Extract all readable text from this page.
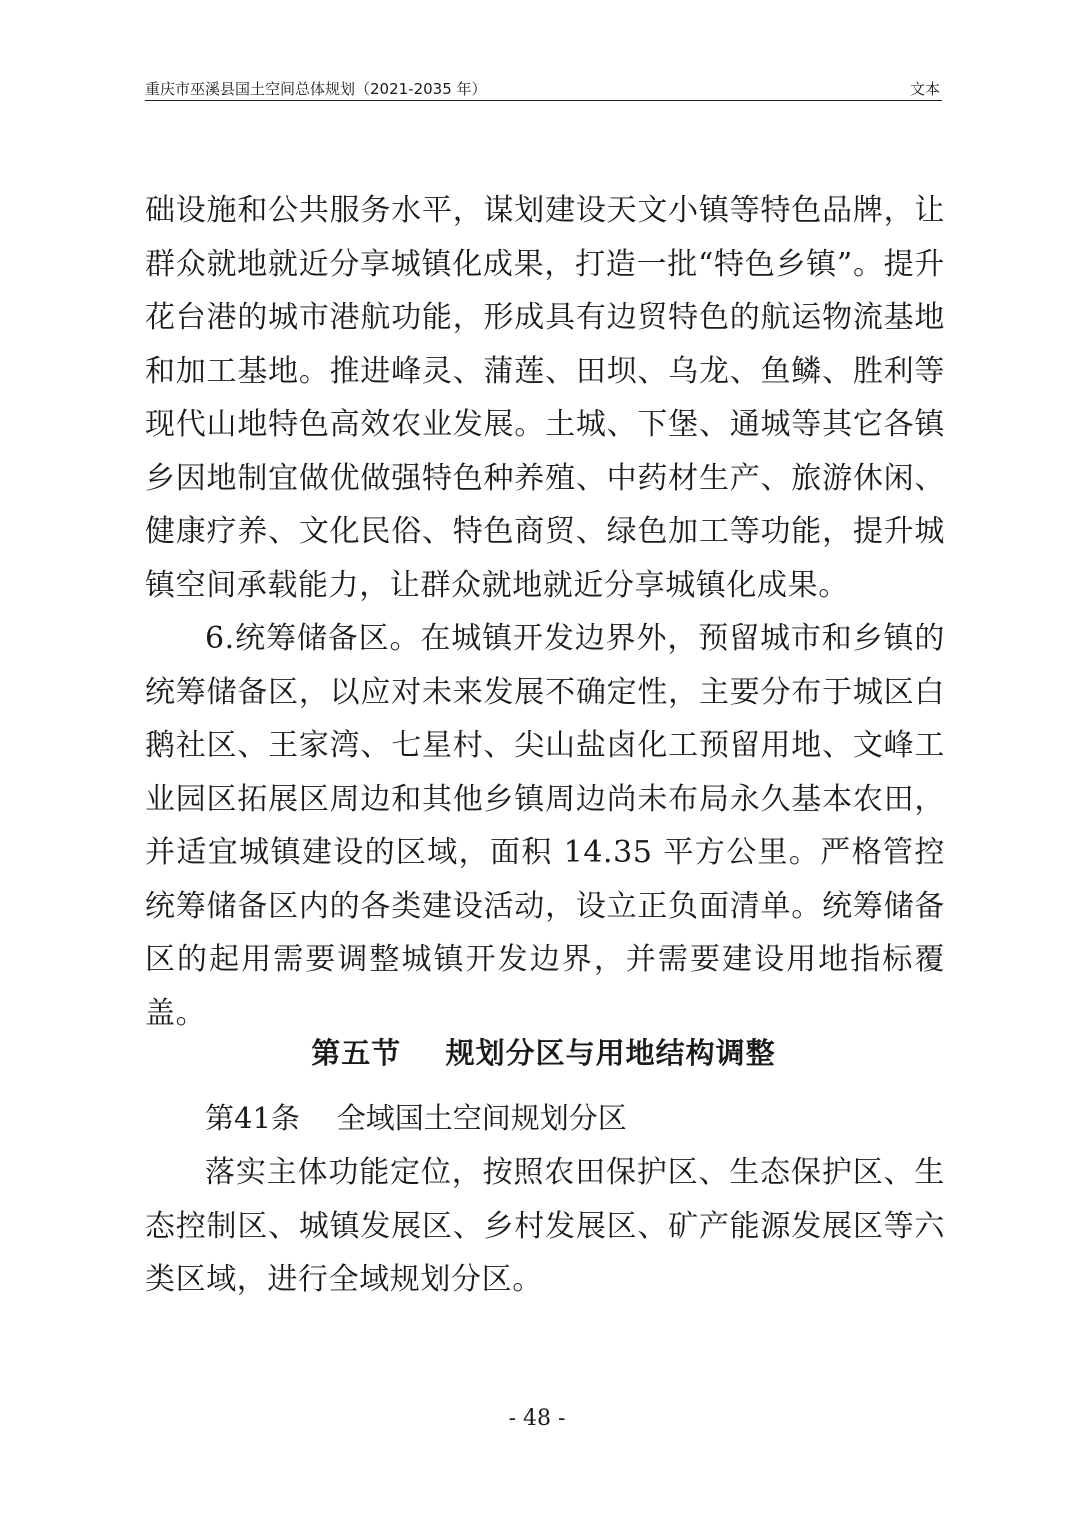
重庆市巫溪县国土空间总体规划（2021-2035 年）	文本

础设施和公共服务水平，谋划建设天文小镇等特色品牌，让群众就地就近分享城镇化成果，打造一批“特色乡镇”。提升花台港的城市港航功能，形成具有边贸特色的航运物流基地和加工基地。推进峰灵、蒲莲、田坝、乌龙、鱼鳞、胜利等现代山地特色高效农业发展。土城、下堡、通城等其它各镇乡因地制宜做优做强特色种养殖、中药材生产、旅游休闲、健康疗养、文化民俗、特色商贸、绿色加工等功能，提升城镇空间承载能力，让群众就地就近分享城镇化成果。

6.统筹储备区。在城镇开发边界外，预留城市和乡镇的统筹储备区，以应对未来发展不确定性，主要分布于城区白鹅社区、王家湾、七星村、尖山盐卤化工预留用地、文峰工业园区拓展区周边和其他乡镇周边尚未布局永久基本农田，并适宜城镇建设的区域，面积 14.35 平方公里。严格管控统筹储备区内的各类建设活动，设立正负面清单。统筹储备区的起用需要调整城镇开发边界，并需要建设用地指标覆盖。

第五节    规划分区与用地结构调整
第41条    全域国土空间规划分区

落实主体功能定位，按照农田保护区、生态保护区、生态控制区、城镇发展区、乡村发展区、矿产能源发展区等六类区域，进行全域规划分区。

- 48 -
